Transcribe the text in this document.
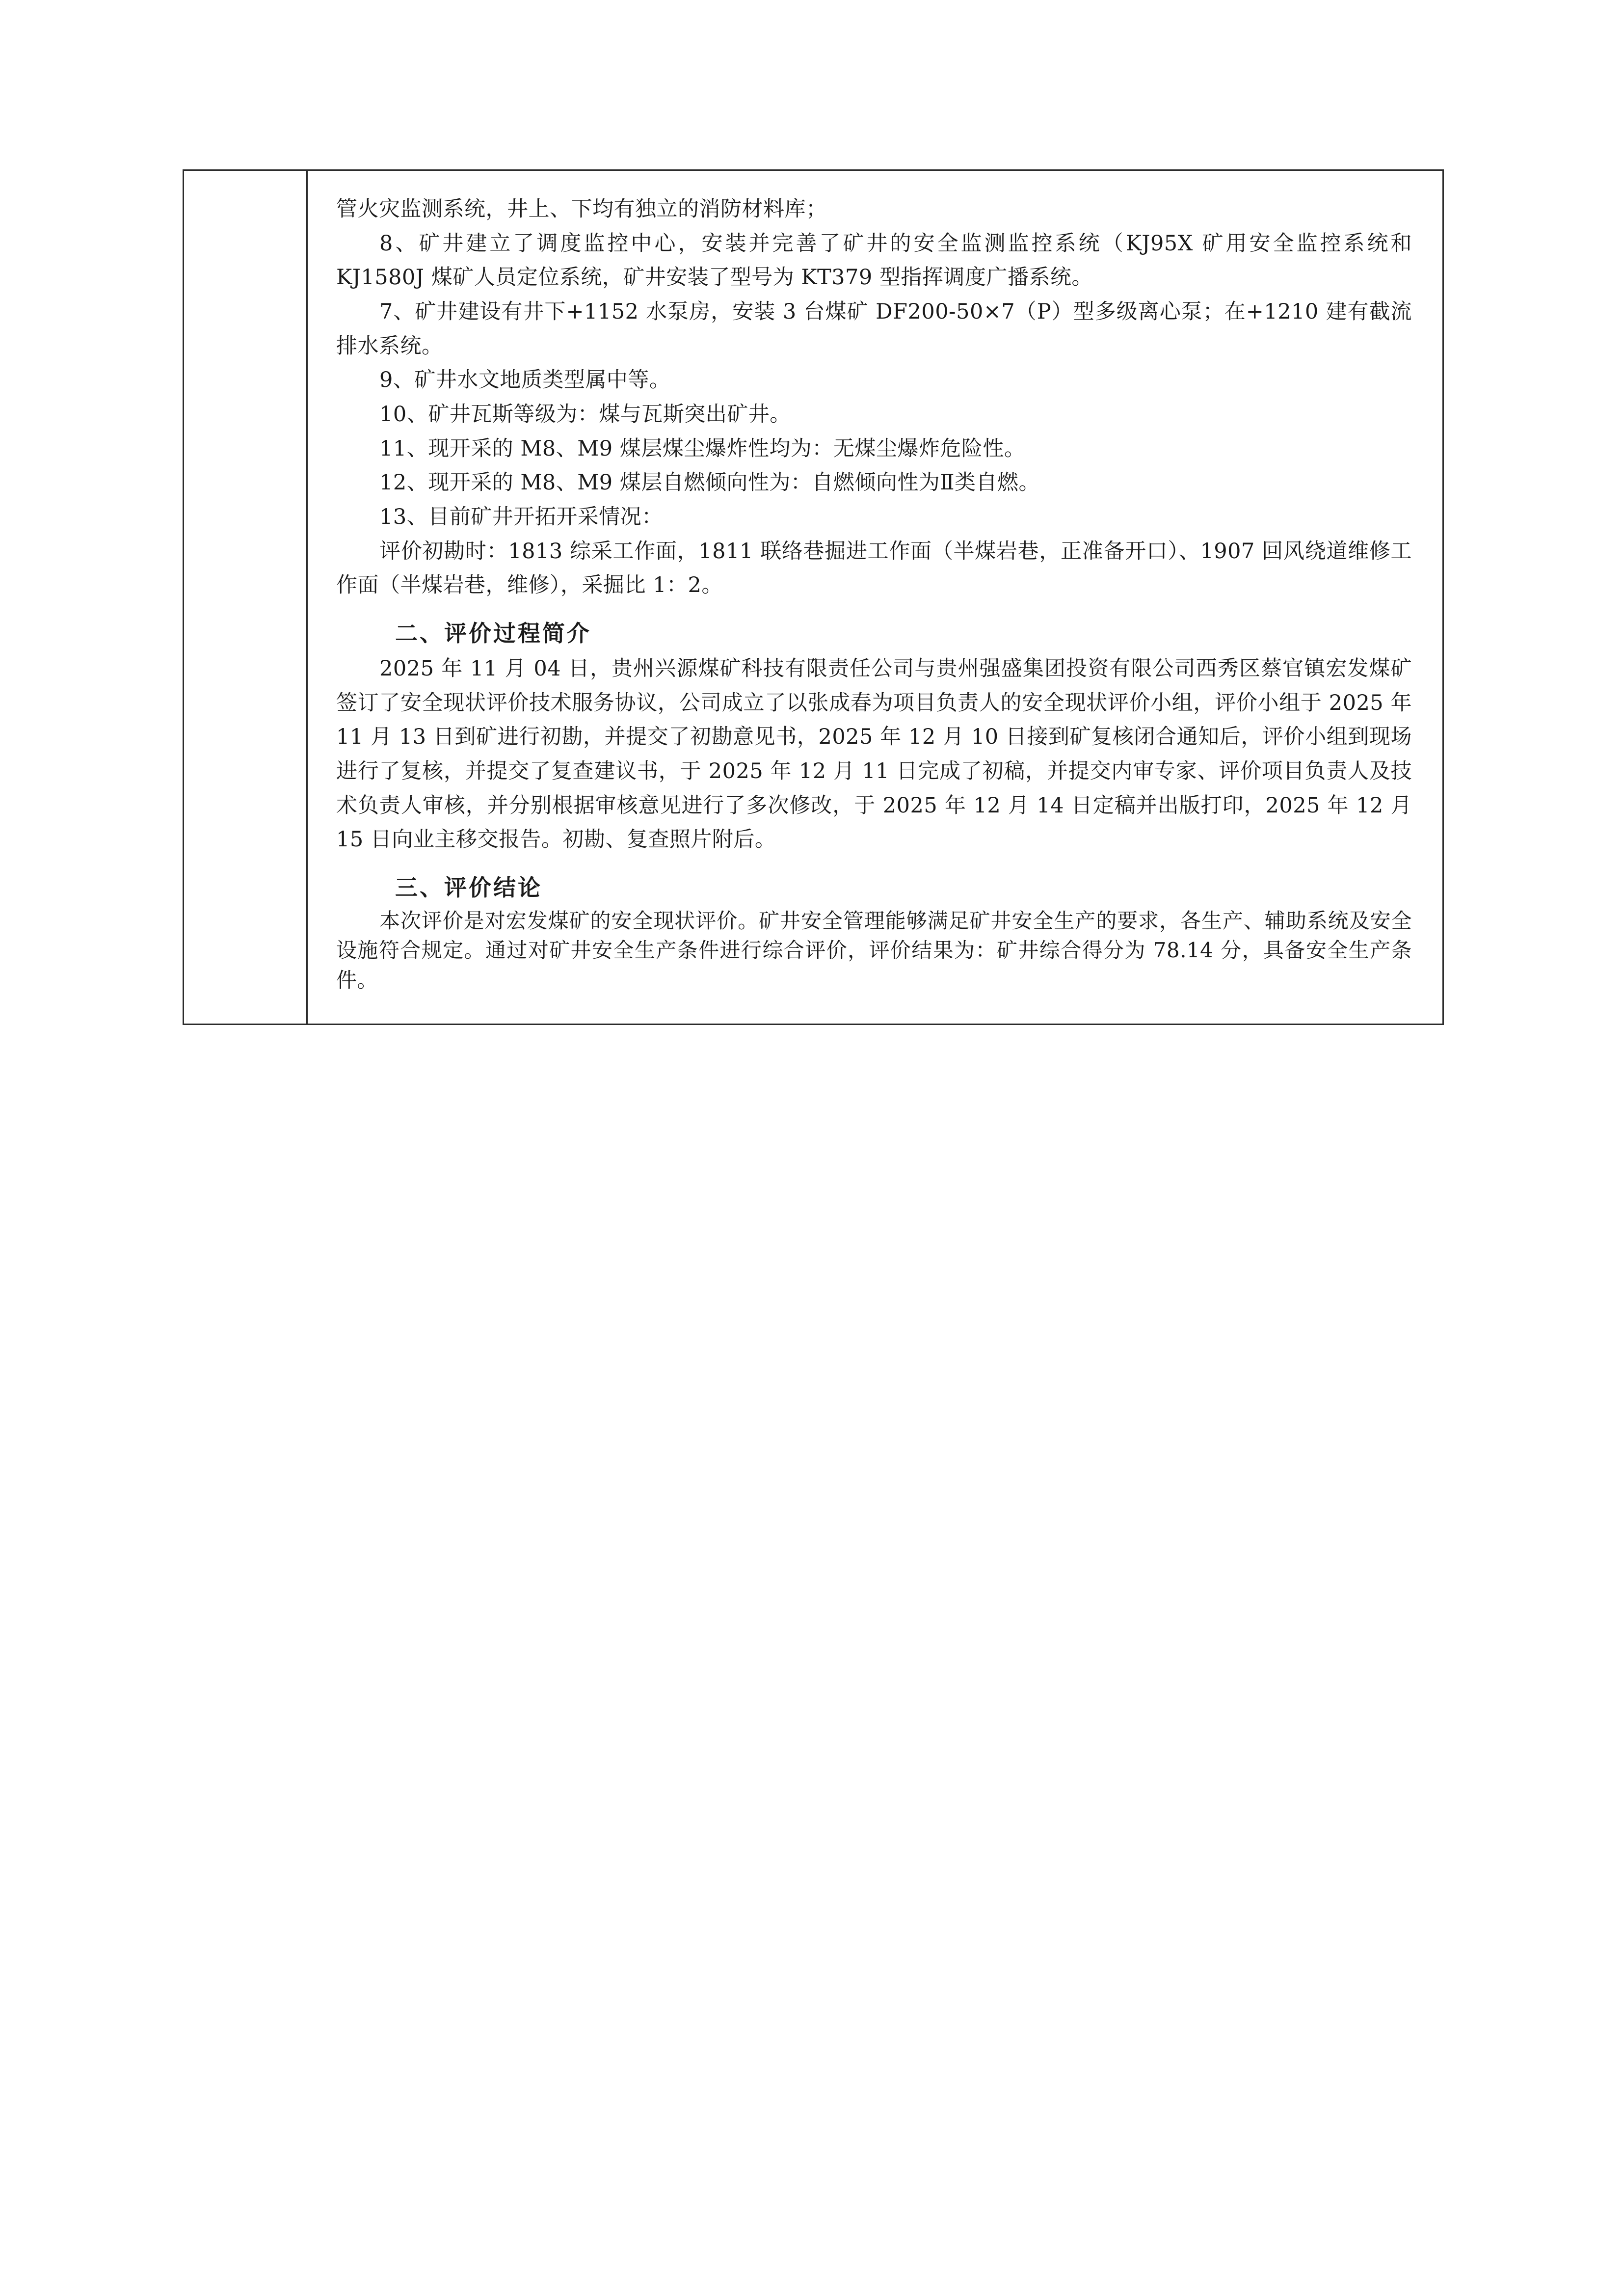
管火灾监测系统，井上、下均有独立的消防材料库；

8、矿井建立了调度监控中心，安装并完善了矿井的安全监测监控系统（KJ95X 矿用安全监控系统和 KJ1580J 煤矿人员定位系统，矿井安装了型号为 KT379 型指挥调度广播系统。

7、矿井建设有井下+1152 水泵房，安装 3 台煤矿 DF200-50×7（P）型多级离心泵；在+1210 建有截流排水系统。

9、矿井水文地质类型属中等。

10、矿井瓦斯等级为：煤与瓦斯突出矿井。

11、现开采的 M8、M9 煤层煤尘爆炸性均为：无煤尘爆炸危险性。

12、现开采的 M8、M9 煤层自燃倾向性为：自燃倾向性为Ⅱ类自燃。

13、目前矿井开拓开采情况：

评价初勘时：1813 综采工作面，1811 联络巷掘进工作面（半煤岩巷，正准备开口）、1907 回风绕道维修工作面（半煤岩巷，维修），采掘比 1：2。

二、评价过程简介

2025 年 11 月 04 日，贵州兴源煤矿科技有限责任公司与贵州强盛集团投资有限公司西秀区蔡官镇宏发煤矿签订了安全现状评价技术服务协议，公司成立了以张成春为项目负责人的安全现状评价小组，评价小组于 2025 年 11 月 13 日到矿进行初勘，并提交了初勘意见书，2025 年 12 月 10 日接到矿复核闭合通知后，评价小组到现场进行了复核，并提交了复查建议书，于 2025 年 12 月 11 日完成了初稿，并提交内审专家、评价项目负责人及技术负责人审核，并分别根据审核意见进行了多次修改，于 2025 年 12 月 14 日定稿并出版打印，2025 年 12 月 15 日向业主移交报告。初勘、复查照片附后。

三、评价结论

本次评价是对宏发煤矿的安全现状评价。矿井安全管理能够满足矿井安全生产的要求，各生产、辅助系统及安全设施符合规定。通过对矿井安全生产条件进行综合评价，评价结果为：矿井综合得分为 78.14 分，具备安全生产条件。
